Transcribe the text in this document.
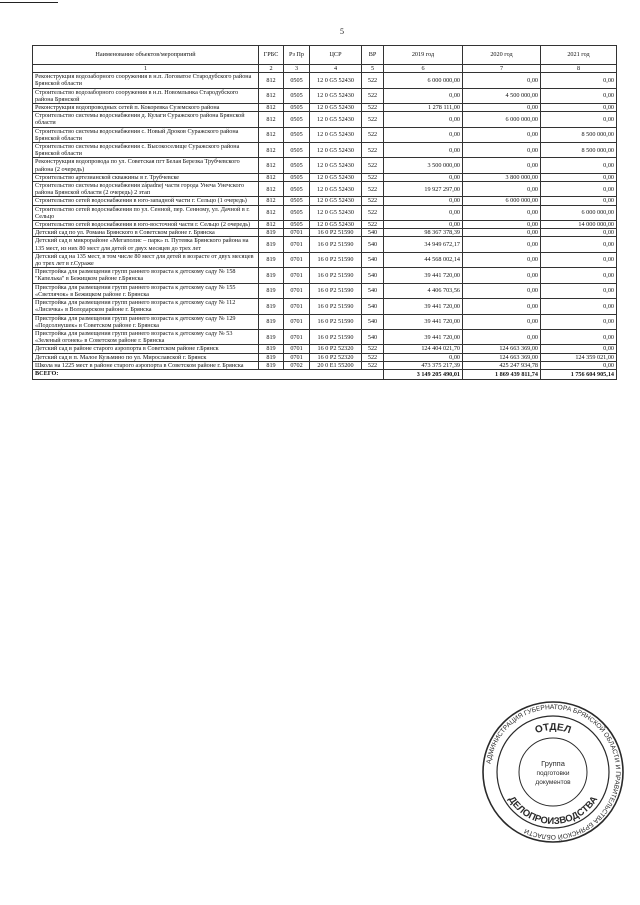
5
Наименование объектов/мероприятий	ГРБС	Рз Пр	ЦСР	ВР	2019 год	2020 год	2021 год
1	2	3	4	5	6	7	8
Реконструкция водозаборного сооружения в н.п. Логоватое Стародубского района Брянской области	812	0505	12 0 G5 52430	522	6 000 000,00	0,00	0,00
Строительство водозаборного сооружения в н.п. Новомлынка Стародубского района Брянской	812	0505	12 0 G5 52430	522	0,00	4 500 000,00	0,00
Реконструкция водопроводных сетей п. Кокоревка Суземского района	812	0505	12 0 G5 52430	522	1 278 111,00	0,00	0,00
Строительство системы водоснабжения д. Кулаги Суражского района Брянской области	812	0505	12 0 G5 52430	522	0,00	6 000 000,00	0,00
Строительство системы водоснабжения с. Новый Дроков Суражского района Брянской области	812	0505	12 0 G5 52430	522	0,00	0,00	8 500 000,00
Строительство системы водоснабжения с. Высокоселище Суражского района Брянской области	812	0505	12 0 G5 52430	522	0,00	0,00	8 500 000,00
Реконструкция водопровода по ул. Советская пгт Белая Березка Трубчевского района (2 очередь)	812	0505	12 0 G5 52430	522	3 500 000,00	0,00	0,00
Строительство артезианской скважины в г. Трубчевске	812	0505	12 0 G5 52430	522	0,00	3 800 000,00	0,00
Строительство системы водоснабжения západnej части города Унеча Унечского района Брянской области (2 очередь) 2 этап	812	0505	12 0 G5 52430	522	19 927 297,00	0,00	0,00
Строительство сетей водоснабжения в юго-западной части г. Сельцо (1 очередь)	812	0505	12 0 G5 52430	522	0,00	6 000 000,00	0,00
Строительство сетей водоснабжения по ул. Сенной, пер. Сенному, ул. Дачной в г. Сельцо	812	0505	12 0 G5 52430	522	0,00	0,00	6 000 000,00
Строительство сетей водоснабжения в юго-восточной части г. Сельцо (2 очередь)	812	0505	12 0 G5 52430	522	0,00	0,00	14 000 000,00
Детский сад по ул. Романа Брянского в Советском районе г. Брянска	819	0701	16 0 P2 51590	540	98 367 378,39	0,00	0,00
Детский сад в микрорайоне «Мегаполис – парк» п. Путевка Брянского района на 135 мест, из них 80 мест для детей от двух месяцев до трех лет	819	0701	16 0 P2 51590	540	34 949 672,17	0,00	0,00
Детский сад на 135 мест, в том числе 80 мест для детей в возрасте от двух месяцев до трех лет в г.Сураже	819	0701	16 0 P2 51590	540	44 568 002,14	0,00	0,00
Пристройка для размещения групп раннего возраста к детскому саду № 158 "Капелька" в Бежицком районе г.Брянска	819	0701	16 0 P2 51590	540	39 441 720,00	0,00	0,00
Пристройка для размещения групп раннего возраста к детскому саду № 155 «Светлячок» в Бежицком районе г. Брянска	819	0701	16 0 P2 51590	540	4 406 703,56	0,00	0,00
Пристройка для размещения групп раннего возраста к детскому саду № 112 «Лисичка» в Володарском районе г. Брянска	819	0701	16 0 P2 51590	540	39 441 720,00	0,00	0,00
Пристройка для размещения групп раннего возраста к детскому саду № 129 «Подсолнушек» в Советском районе г. Брянска	819	0701	16 0 P2 51590	540	39 441 720,00	0,00	0,00
Пристройка для размещения групп раннего возраста к детскому саду № 53 «Зеленый огонек» в Советском районе г. Брянска	819	0701	16 0 P2 51590	540	39 441 720,00	0,00	0,00
Детский сад в районе старого аэропорта в Советском районе г.Брянск	819	0701	16 0 P2 52320	522	124 404 021,70	124 663 369,00	0,00
Детский сад в п. Малое Кузьмино по ул. Мирославской г. Брянск	819	0701	16 0 P2 52320	522	0,00	124 663 369,00	124 359 021,00
Школа на 1225 мест в районе старого аэропорта в Советском районе г. Брянска	819	0702	20 0 E1 55200	522	473 375 217,39	425 247 934,78	0,00
ВСЕГО:					3 149 205 490,01	1 869 439 811,74	1 756 604 905,14
АДМИНИСТРАЦИЯ ГУБЕРНАТОРА БРЯНСКОЙ ОБЛАСТИ И ПРАВИТЕЛЬСТВА БРЯНСКОЙ ОБЛАСТИ
ОТДЕЛ
ДЕЛОПРОИЗВОДСТВА
Группа
подготовки
документов
